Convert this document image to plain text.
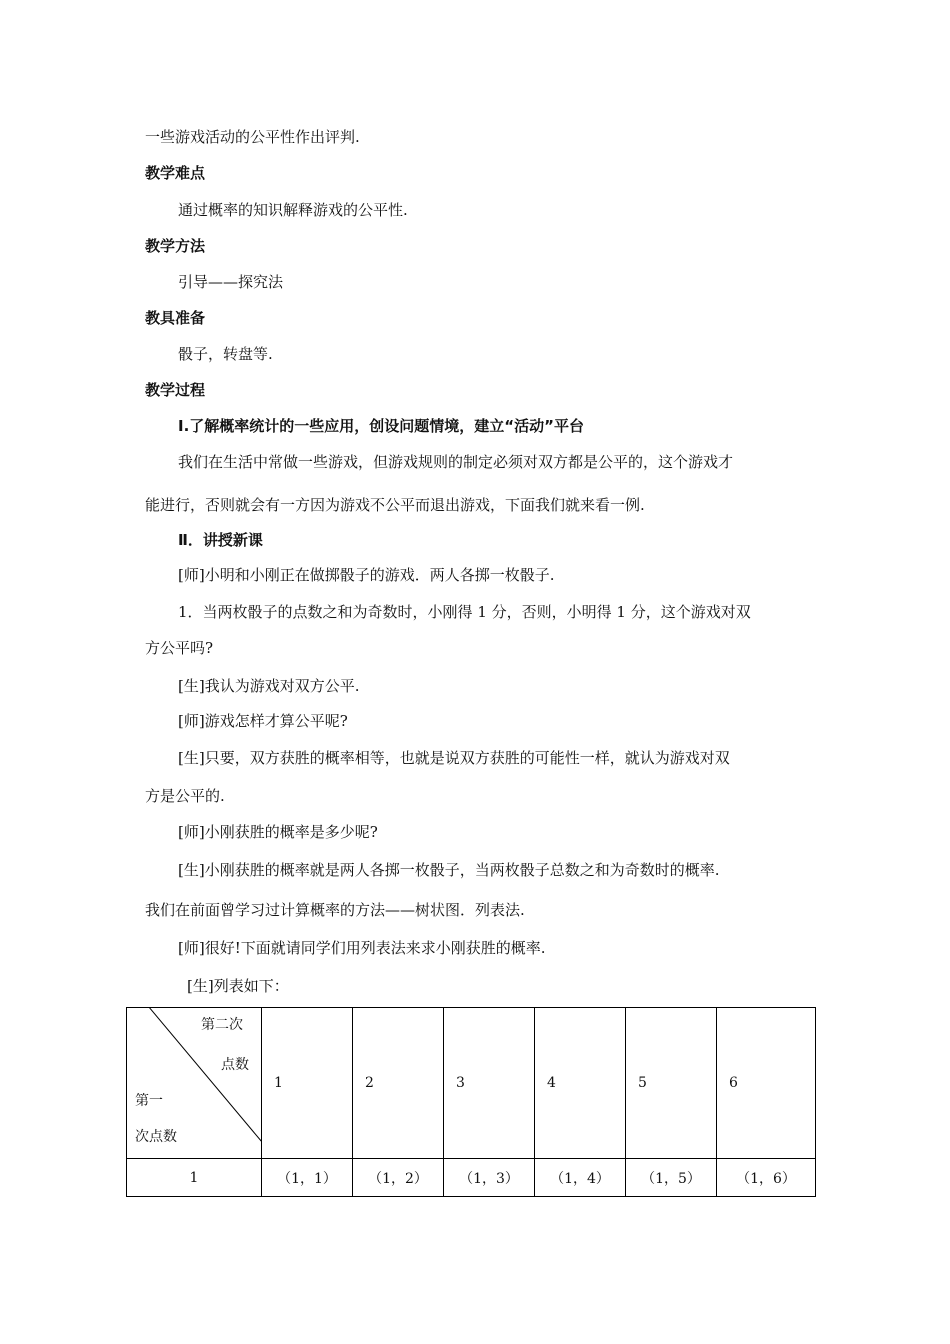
一些游戏活动的公平性作出评判.
教学难点
通过概率的知识解释游戏的公平性.
教学方法
引导——探究法
教具准备
骰子，转盘等.
教学过程
Ⅰ.了解概率统计的一些应用，创设问题情境，建立“活动”平台
我们在生活中常做一些游戏，但游戏规则的制定必须对双方都是公平的，这个游戏才
能进行，否则就会有一方因为游戏不公平而退出游戏，下面我们就来看一例.
Ⅱ．讲授新课
[师]小明和小刚正在做掷骰子的游戏．两人各掷一枚骰子.
1．当两枚骰子的点数之和为奇数时，小刚得 1 分，否则，小明得 1 分，这个游戏对双
方公平吗?
[生]我认为游戏对双方公平.
[师]游戏怎样才算公平呢?
[生]只要，双方获胜的概率相等，也就是说双方获胜的可能性一样，就认为游戏对双
方是公平的.
[师]小刚获胜的概率是多少呢?
[生]小刚获胜的概率就是两人各掷一枚骰子，当两枚骰子总数之和为奇数时的概率.
我们在前面曾学习过计算概率的方法——树状图．列表法.
[师]很好!下面就请同学们用列表法来求小刚获胜的概率.
[生]列表如下：
第二次
点数
第一
次点数	1	2	3	4	5	6
1	（1，1）	（1，2）	（1，3）	（1，4）	（1，5）	（1，6）
